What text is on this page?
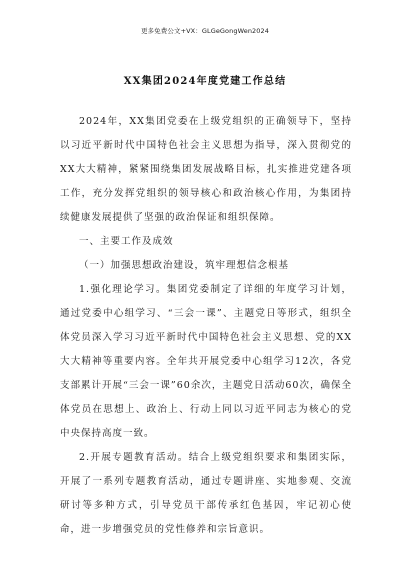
更多免费公文+VX：GLGeGongWen2024
XX集团2024年度党建工作总结

2024年，XX集团党委在上级党组织的正确领导下，坚持以习近平新时代中国特色社会主义思想为指导，深入贯彻党的XX大大精神，紧紧围绕集团发展战略目标，扎实推进党建各项工作，充分发挥党组织的领导核心和政治核心作用，为集团持续健康发展提供了坚强的政治保证和组织保障。

一、主要工作及成效

（一）加强思想政治建设，筑牢理想信念根基

1.强化理论学习。集团党委制定了详细的年度学习计划，通过党委中心组学习、“三会一课”、主题党日等形式，组织全体党员深入学习习近平新时代中国特色社会主义思想、党的XX大大精神等重要内容。全年共开展党委中心组学习12次，各党支部累计开展“三会一课”60余次，主题党日活动60次，确保全体党员在思想上、政治上、行动上同以习近平同志为核心的党中央保持高度一致。

2.开展专题教育活动。结合上级党组织要求和集团实际，开展了一系列专题教育活动，通过专题讲座、实地参观、交流研讨等多种方式，引导党员干部传承红色基因，牢记初心使命，进一步增强党员的党性修养和宗旨意识。
